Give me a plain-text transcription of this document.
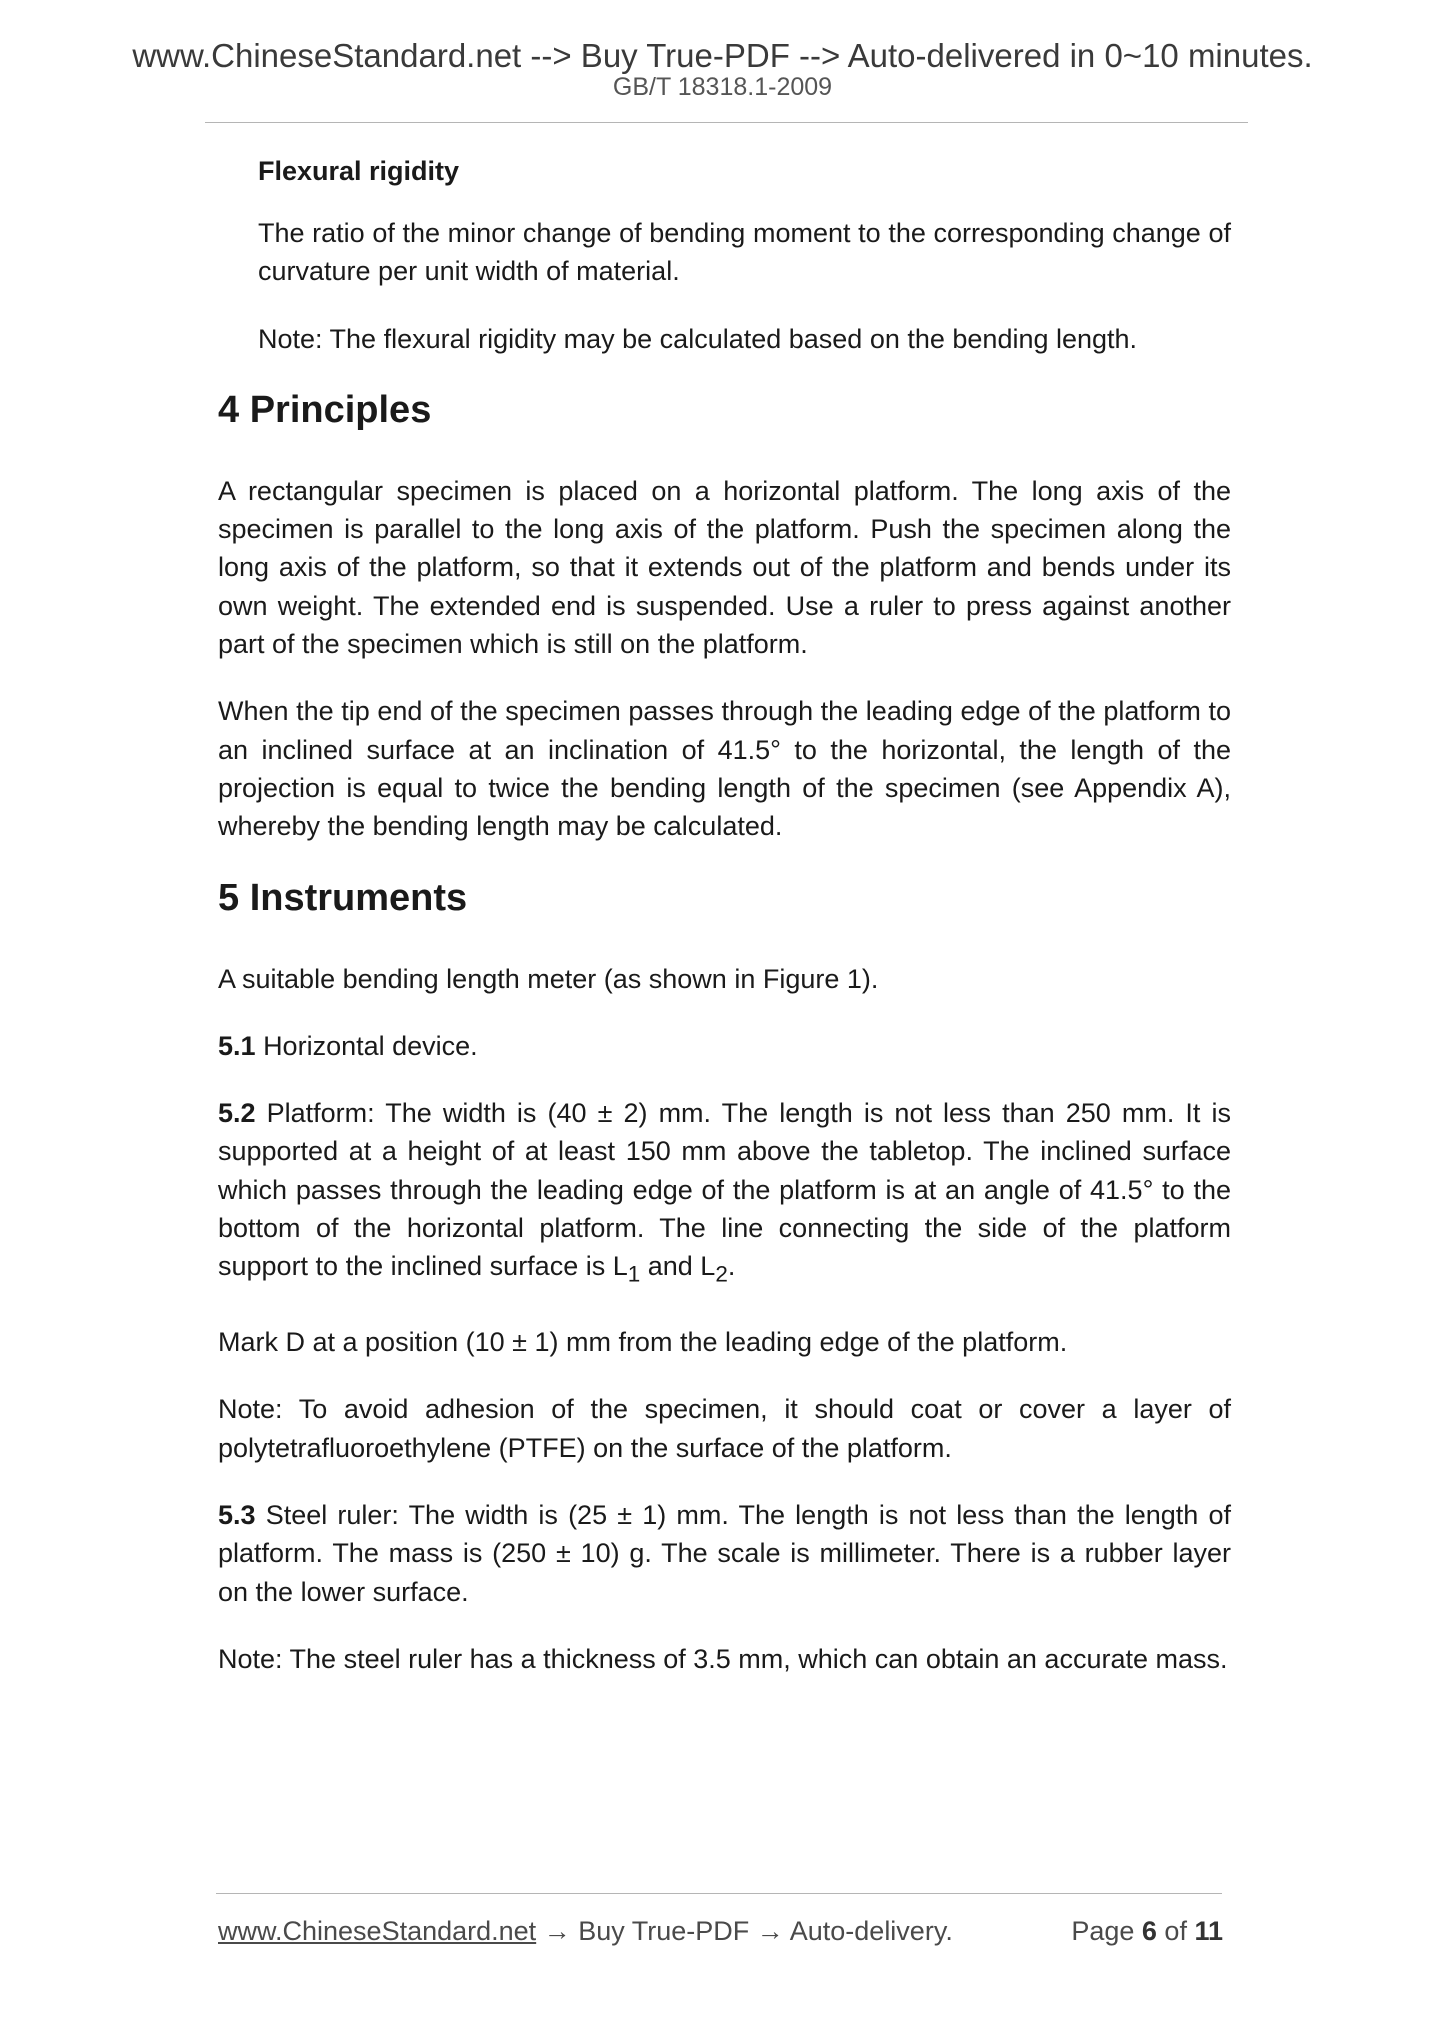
www.ChineseStandard.net --> Buy True-PDF --> Auto-delivered in 0~10 minutes.
GB/T 18318.1-2009
Flexural rigidity

The ratio of the minor change of bending moment to the corresponding change of curvature per unit width of material.

Note: The flexural rigidity may be calculated based on the bending length.

4 Principles

A rectangular specimen is placed on a horizontal platform. The long axis of the specimen is parallel to the long axis of the platform. Push the specimen along the long axis of the platform, so that it extends out of the platform and bends under its own weight. The extended end is suspended. Use a ruler to press against another part of the specimen which is still on the platform.

When the tip end of the specimen passes through the leading edge of the platform to an inclined surface at an inclination of 41.5° to the horizontal, the length of the projection is equal to twice the bending length of the specimen (see Appendix A), whereby the bending length may be calculated.

5 Instruments

A suitable bending length meter (as shown in Figure 1).

5.1 Horizontal device.

5.2 Platform: The width is (40 ± 2) mm. The length is not less than 250 mm. It is supported at a height of at least 150 mm above the tabletop. The inclined surface which passes through the leading edge of the platform is at an angle of 41.5° to the bottom of the horizontal platform. The line connecting the side of the platform support to the inclined surface is $L_1$ and $L_2$.

Mark D at a position (10 ± 1) mm from the leading edge of the platform.

Note: To avoid adhesion of the specimen, it should coat or cover a layer of polytetrafluoroethylene (PTFE) on the surface of the platform.

5.3 Steel ruler: The width is (25 ± 1) mm. The length is not less than the length of platform. The mass is (250 ± 10) g. The scale is millimeter. There is a rubber layer on the lower surface.

Note: The steel ruler has a thickness of 3.5 mm, which can obtain an accurate mass.

www.ChineseStandard.net → Buy True-PDF → Auto-delivery.	Page 6 of 11
